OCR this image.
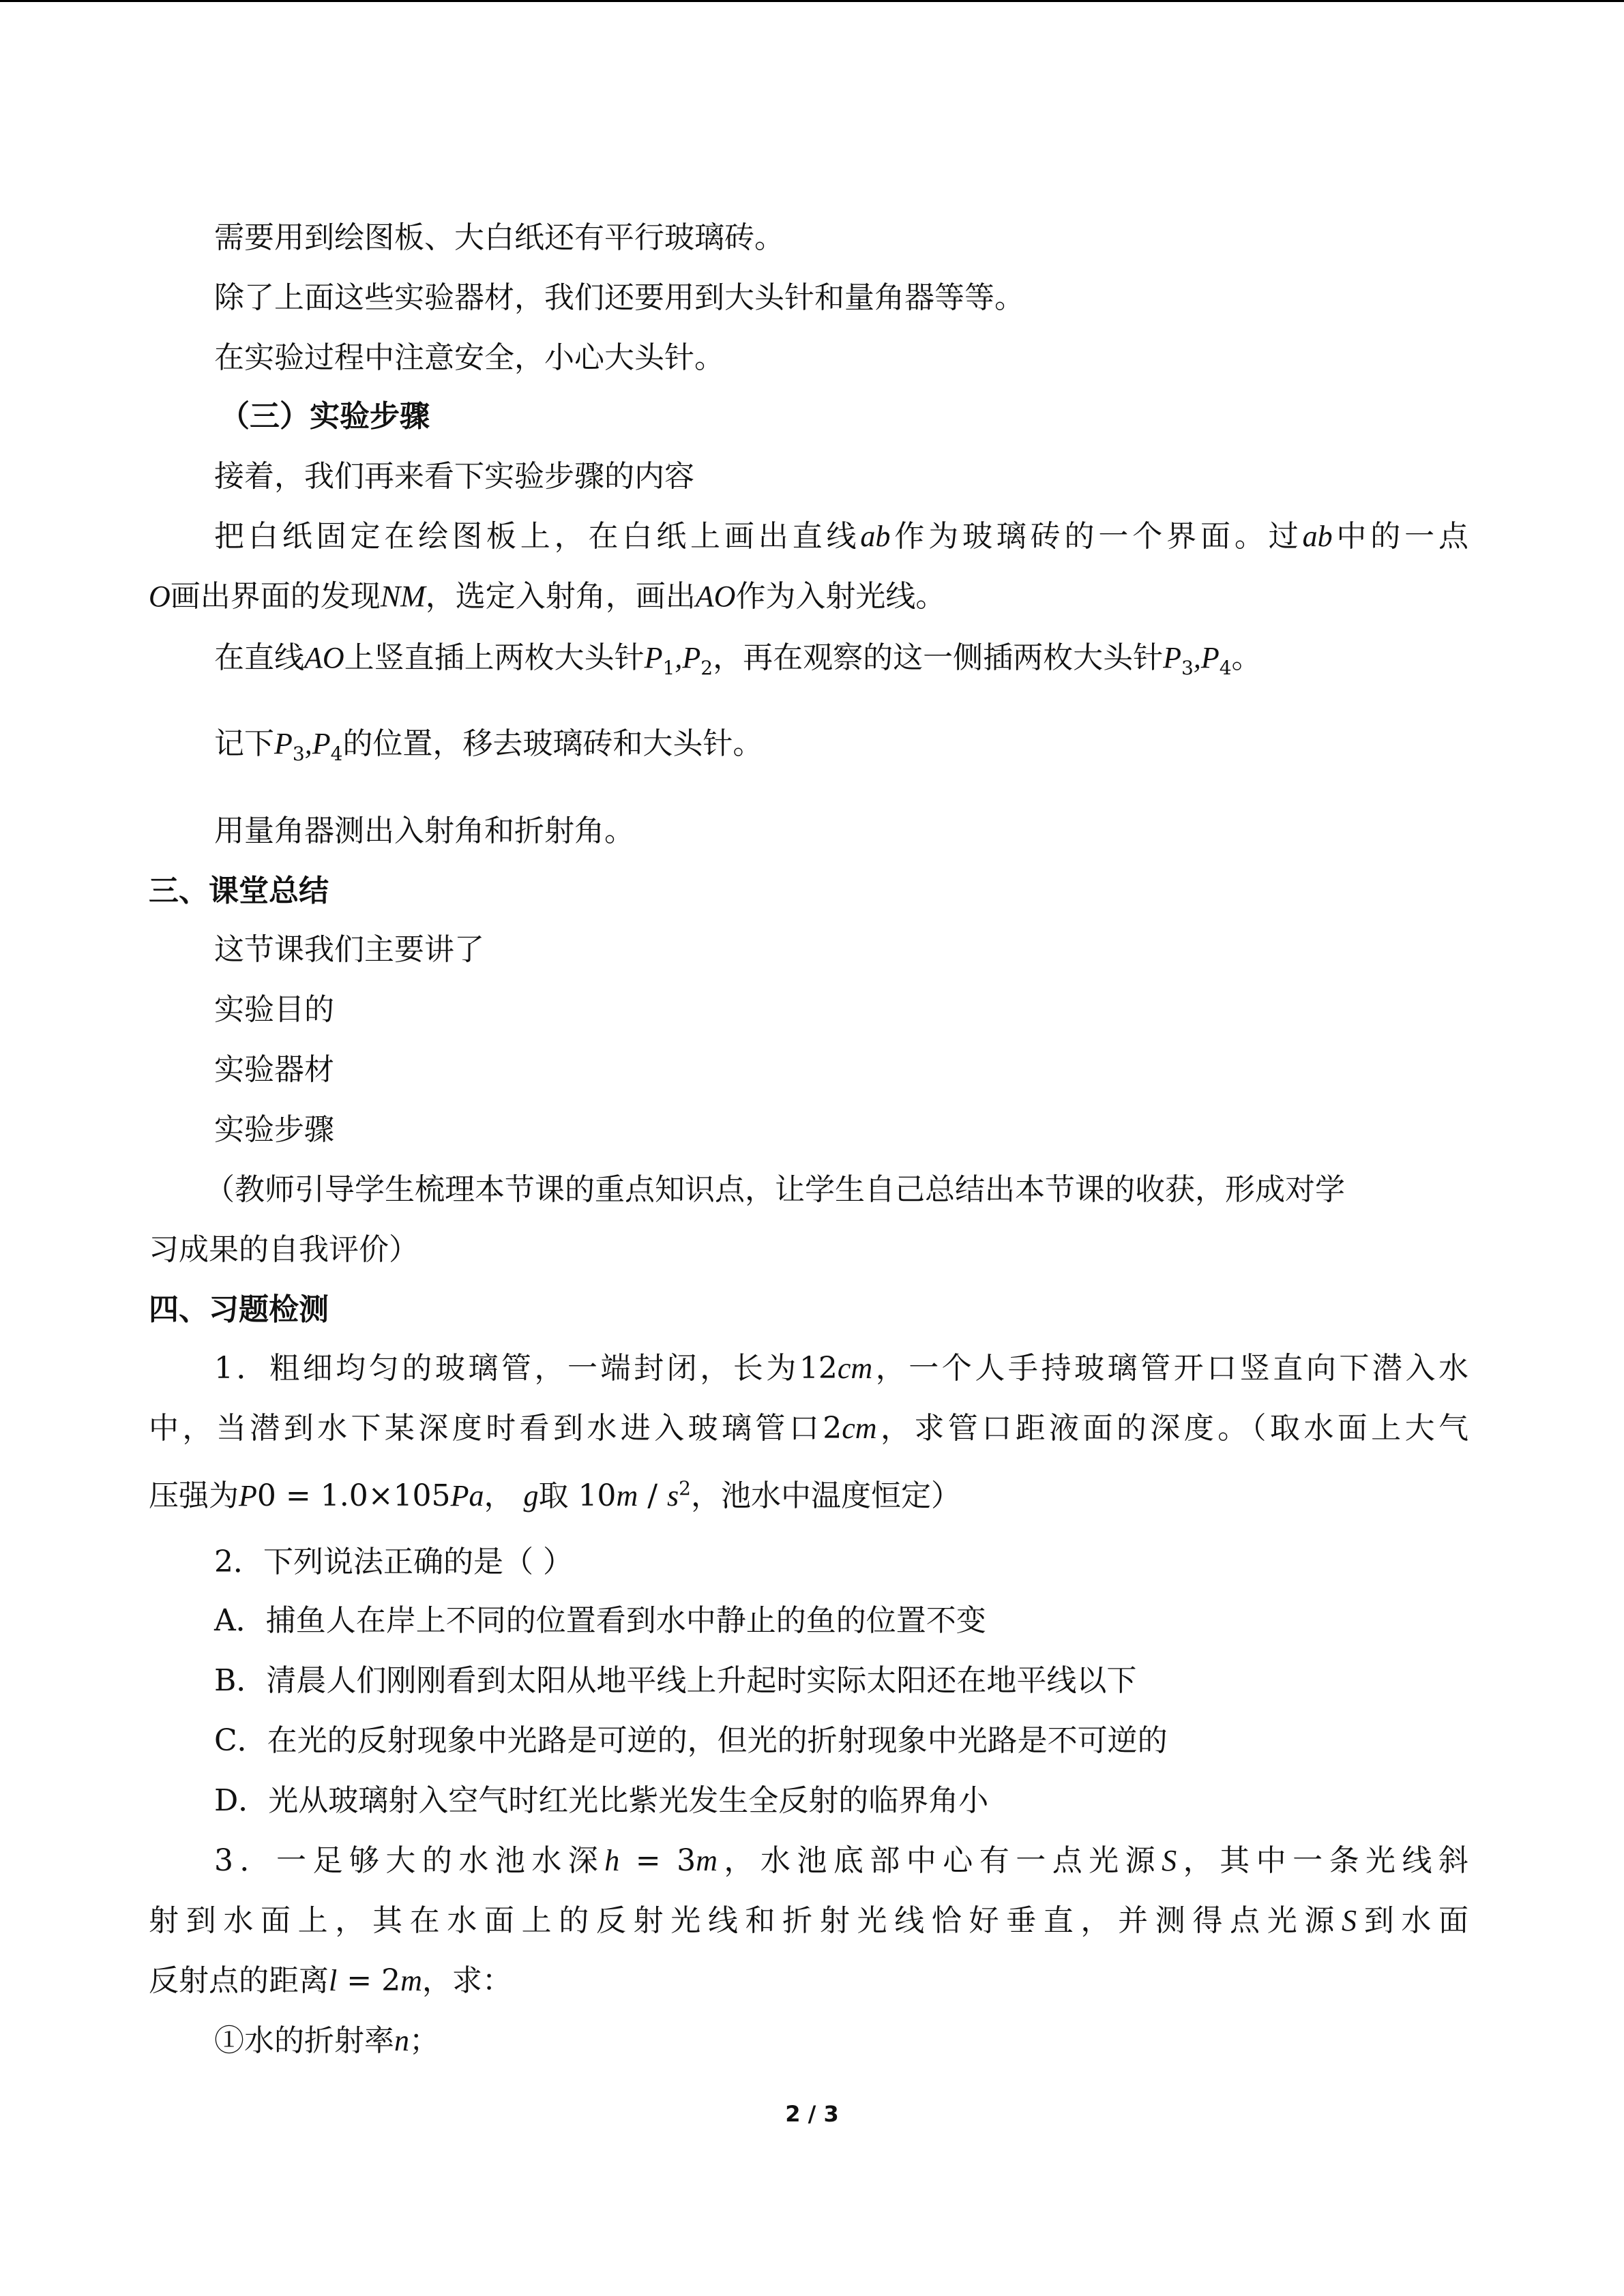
需要用到绘图板、大白纸还有平行玻璃砖。
除了上面这些实验器材，我们还要用到大头针和量角器等等。
在实验过程中注意安全，小心大头针。
（三）实验步骤
接着，我们再来看下实验步骤的内容
把白纸固定在绘图板上，在白纸上画出直线ab作为玻璃砖的一个界面。过ab中的一点
O画出界面的发现NM，选定入射角，画出AO作为入射光线。
在直线AO上竖直插上两枚大头针$P_1,P_2$，再在观察的这一侧插两枚大头针$P_3,P_4$。
记下$P_3,P_4$的位置，移去玻璃砖和大头针。
用量角器测出入射角和折射角。
三、课堂总结
这节课我们主要讲了
实验目的
实验器材
实验步骤
（教师引导学生梳理本节课的重点知识点，让学生自己总结出本节课的收获，形成对学
习成果的自我评价）
四、习题检测
1．粗细均匀的玻璃管，一端封闭，长为12cm，一个人手持玻璃管开口竖直向下潜入水
中，当潜到水下某深度时看到水进入玻璃管口2cm，求管口距液面的深度。（取水面上大气
压强为P0 = 1.0×105Pa， g取 $10m / s^2$，池水中温度恒定）
2．下列说法正确的是（ ）
A．捕鱼人在岸上不同的位置看到水中静止的鱼的位置不变
B．清晨人们刚刚看到太阳从地平线上升起时实际太阳还在地平线以下
C．在光的反射现象中光路是可逆的，但光的折射现象中光路是不可逆的
D．光从玻璃射入空气时红光比紫光发生全反射的临界角小
3．一足够大的水池水深h = 3m，水池底部中心有一点光源S，其中一条光线斜
射到水面上，其在水面上的反射光线和折射光线恰好垂直，并测得点光源S到水面
反射点的距离l = 2m，求：
①水的折射率n；
2 / 3
